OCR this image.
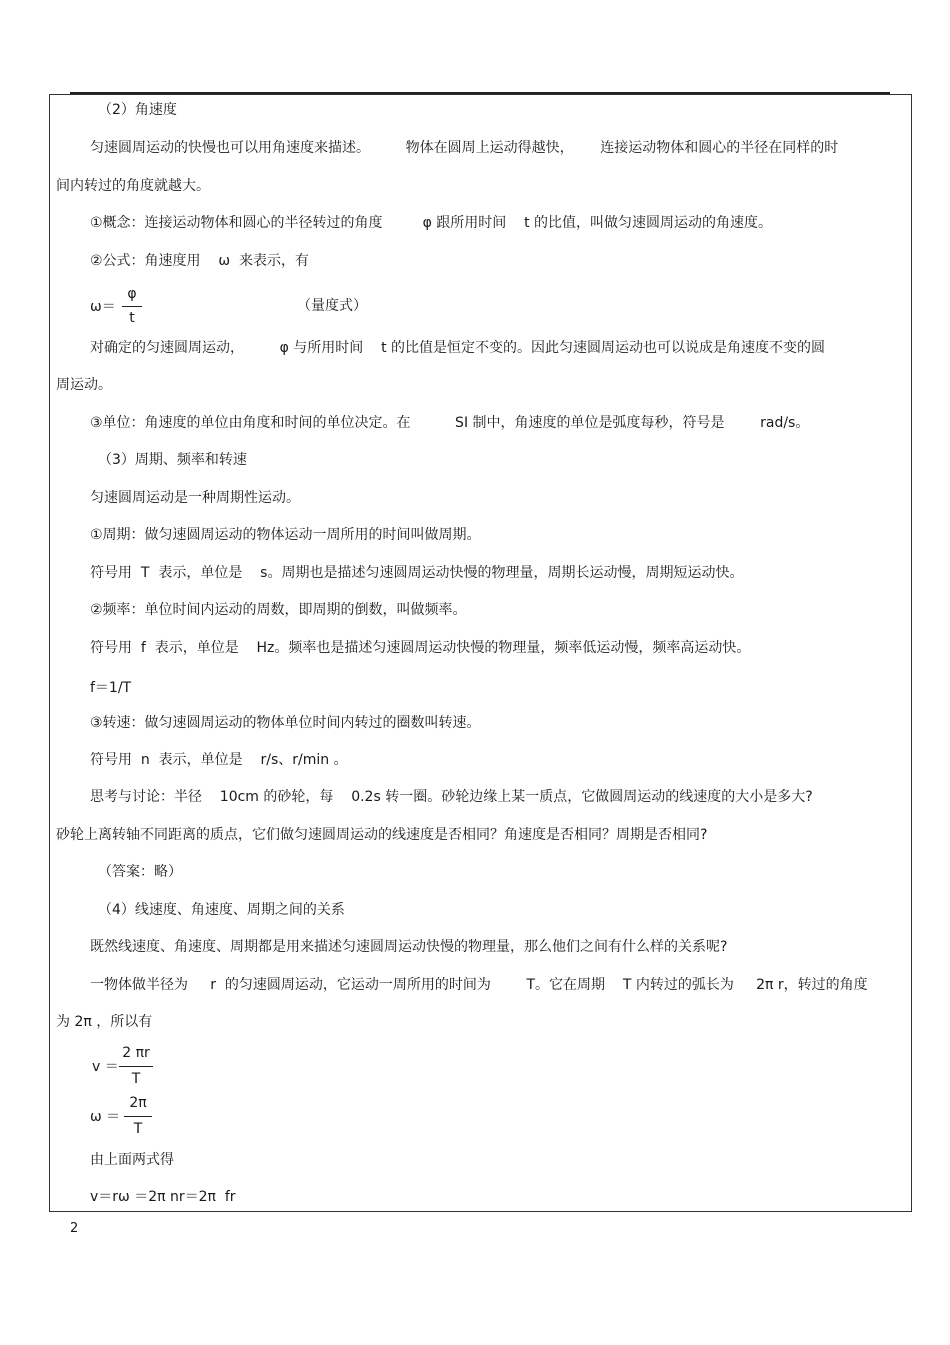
（2）角速度
匀速圆周运动的快慢也可以用角速度来描述。        物体在圆周上运动得越快，      连接运动物体和圆心的半径在同样的时
间内转过的角度就越大。
①概念：连接运动物体和圆心的半径转过的角度         φ 跟所用时间    t 的比值，叫做匀速圆周运动的角速度。
②公式：角速度用    ω  来表示，有
ω＝
φ
t
（量度式）
对确定的匀速圆周运动，        φ 与所用时间    t 的比值是恒定不变的。因此匀速圆周运动也可以说成是角速度不变的圆
周运动。
③单位：角速度的单位由角度和时间的单位决定。在          SI 制中，角速度的单位是弧度每秒，符号是        rad/s。
（3）周期、频率和转速
匀速圆周运动是一种周期性运动。
①周期：做匀速圆周运动的物体运动一周所用的时间叫做周期。
符号用  T  表示，单位是    s。周期也是描述匀速圆周运动快慢的物理量，周期长运动慢，周期短运动快。
②频率：单位时间内运动的周数，即周期的倒数，叫做频率。
符号用  f  表示，单位是    Hz。频率也是描述匀速圆周运动快慢的物理量，频率低运动慢，频率高运动快。
f＝1/T
③转速：做匀速圆周运动的物体单位时间内转过的圈数叫转速。
符号用  n  表示，单位是    r/s、r/min 。
思考与讨论：半径    10cm 的砂轮，每    0.2s 转一圈。砂轮边缘上某一质点，它做圆周运动的线速度的大小是多大?
砂轮上离转轴不同距离的质点，它们做匀速圆周运动的线速度是否相同？角速度是否相同？周期是否相同?
（答案：略）
（4）线速度、角速度、周期之间的关系
既然线速度、角速度、周期都是用来描述匀速圆周运动快慢的物理量，那么他们之间有什么样的关系呢?
一物体做半径为     r  的匀速圆周运动，它运动一周所用的时间为        T。它在周期    T 内转过的弧长为     2π r，转过的角度
为 2π ，所以有
v ＝
2 πr
T
ω ＝
2π
T
由上面两式得
v＝rω ＝2π nr＝2π  fr
2
